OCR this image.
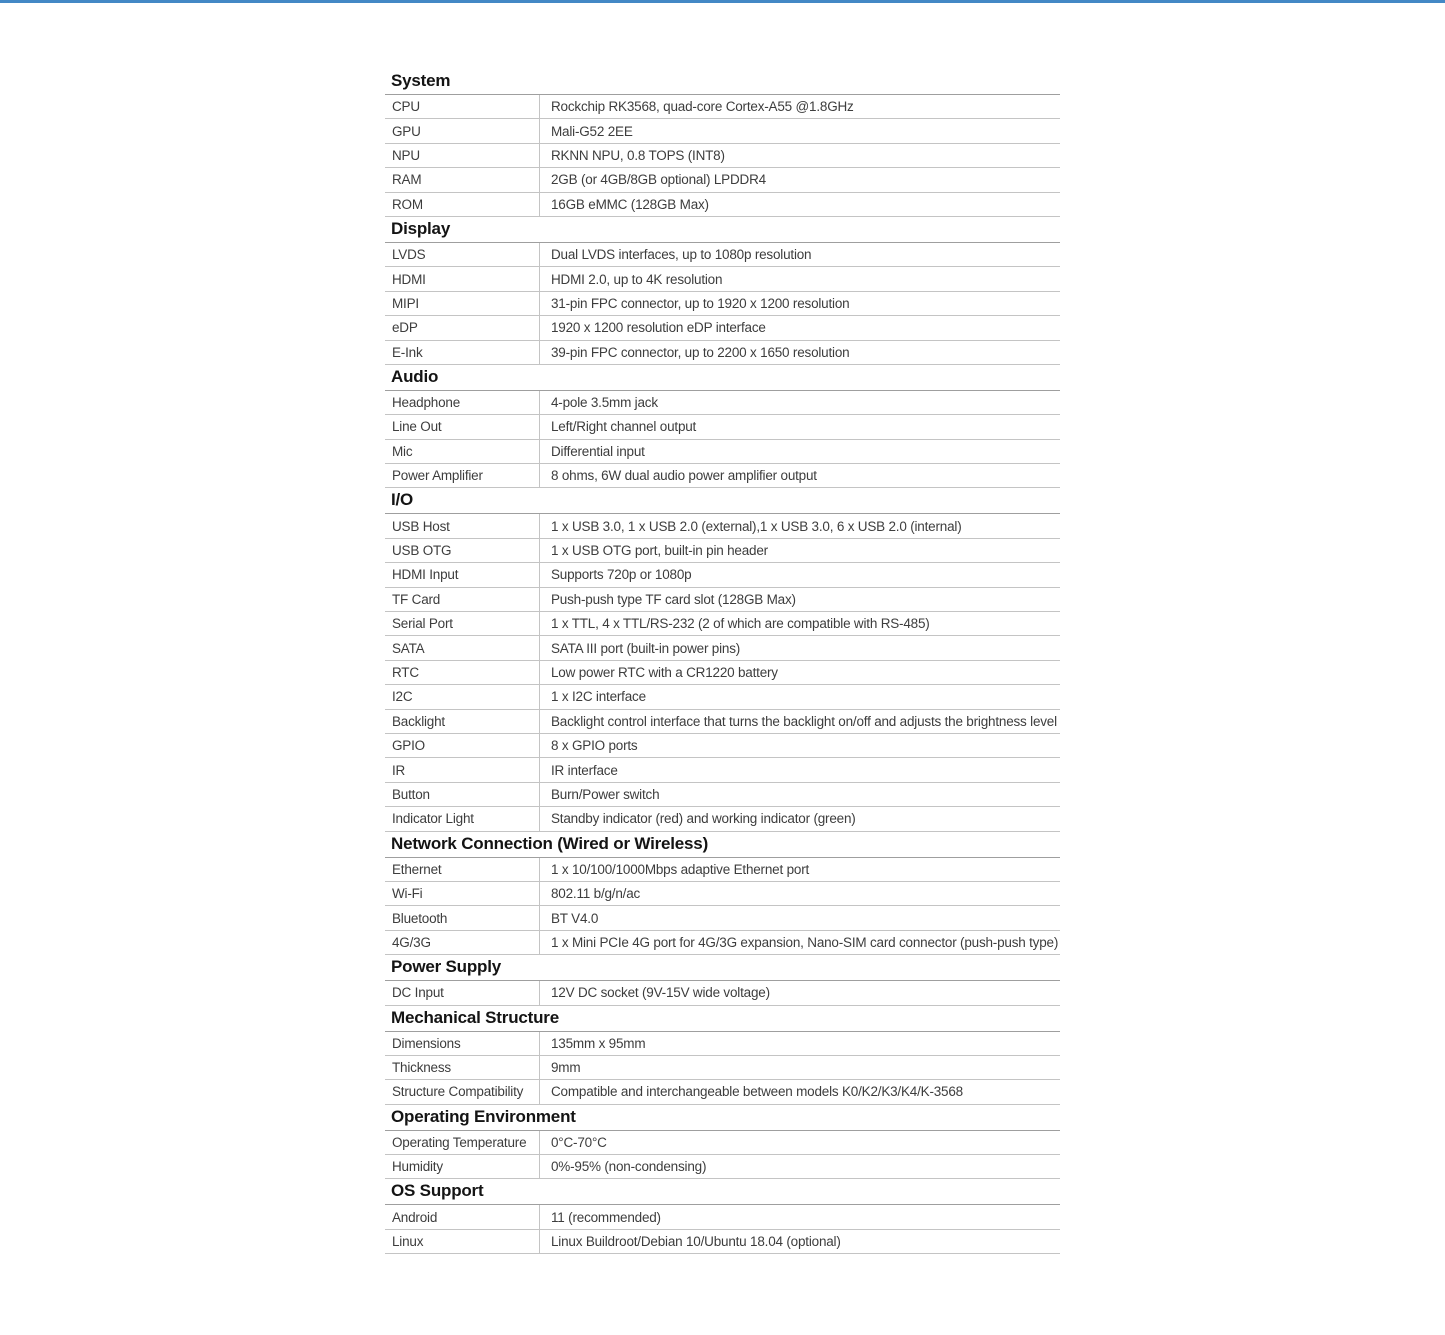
System
CPU	Rockchip RK3568, quad-core Cortex-A55 @1.8GHz
GPU	Mali-G52 2EE
NPU	RKNN NPU, 0.8 TOPS (INT8)
RAM	2GB (or 4GB/8GB optional) LPDDR4
ROM	16GB eMMC (128GB Max)
Display
LVDS	Dual LVDS interfaces, up to 1080p resolution
HDMI	HDMI 2.0, up to 4K resolution
MIPI	31-pin FPC connector, up to 1920 x 1200 resolution
eDP	1920 x 1200 resolution eDP interface
E-Ink	39-pin FPC connector, up to 2200 x 1650 resolution
Audio
Headphone	4-pole 3.5mm jack
Line Out	Left/Right channel output
Mic	Differential input
Power Amplifier	8 ohms, 6W dual audio power amplifier output
I/O
USB Host	1 x USB 3.0, 1 x USB 2.0 (external),1 x USB 3.0, 6 x USB 2.0 (internal)
USB OTG	1 x USB OTG port, built-in pin header
HDMI Input	Supports 720p or 1080p
TF Card	Push-push type TF card slot (128GB Max)
Serial Port	1 x TTL, 4 x TTL/RS-232 (2 of which are compatible with RS-485)
SATA	SATA III port (built-in power pins)
RTC	Low power RTC with a CR1220 battery
I2C	1 x I2C interface
Backlight	Backlight control interface that turns the backlight on/off and adjusts the brightness level
GPIO	8 x GPIO ports
IR	IR interface
Button	Burn/Power switch
Indicator Light	Standby indicator (red) and working indicator (green)
Network Connection (Wired or Wireless)
Ethernet	1 x 10/100/1000Mbps adaptive Ethernet port
Wi-Fi	802.11 b/g/n/ac
Bluetooth	BT V4.0
4G/3G	1 x Mini PCIe 4G port for 4G/3G expansion, Nano-SIM card connector (push-push type)
Power Supply
DC Input	12V DC socket (9V-15V wide voltage)
Mechanical Structure
Dimensions	135mm x 95mm
Thickness	9mm
Structure Compatibility	Compatible and interchangeable between models K0/K2/K3/K4/K-3568
Operating Environment
Operating Temperature	0°C-70°C
Humidity	0%-95% (non-condensing)
OS Support
Android	11 (recommended)
Linux	Linux Buildroot/Debian 10/Ubuntu 18.04 (optional)
